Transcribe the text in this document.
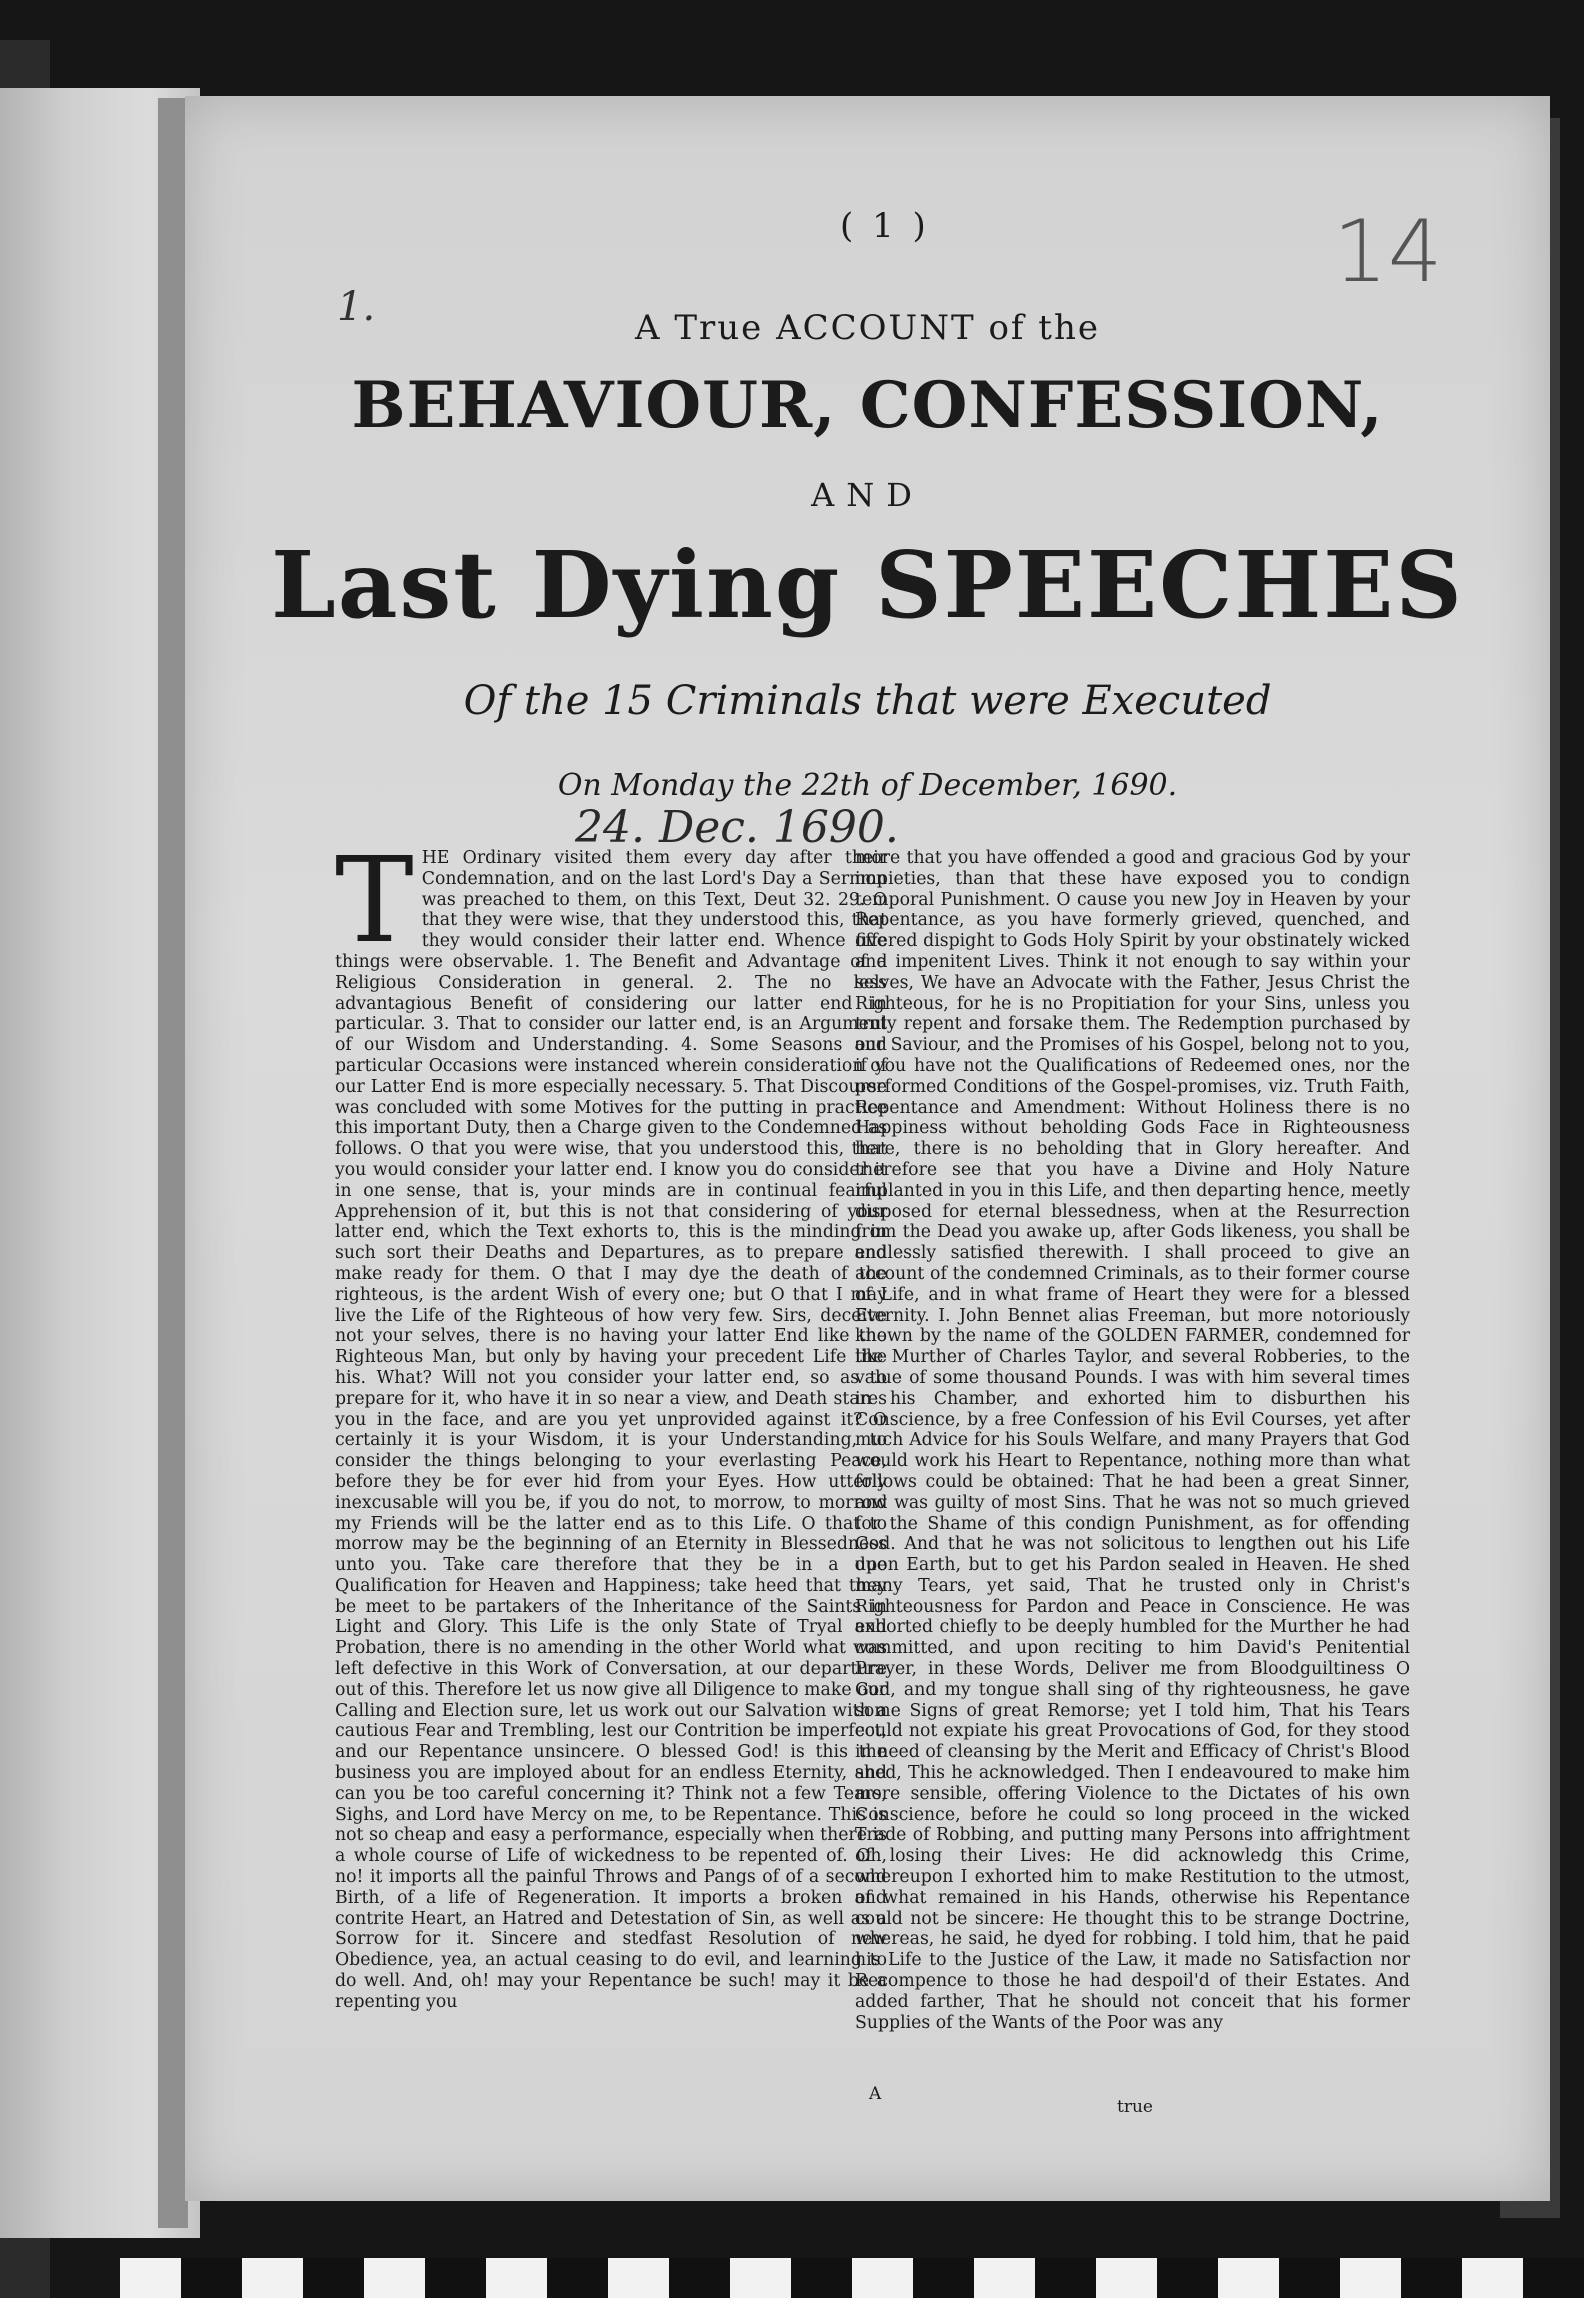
( 1 )
1.
14
A True ACCOUNT of the
BEHAVIOUR, CONFESSION,
AND
Last Dying SPEECHES
Of the 15 Criminals that were Executed
On Monday the 22th of December, 1690.
24. Dec. 1690.
T HE Ordinary visited them every day after their Condemnation, and on the last Lord's Day a Sermon was preached to them, on this Text, Deut 32. 29. O that they were wise, that they understood this, that they would consider their latter end. Whence five things were observable. 1. The Benefit and Advantage of a Religious Consideration in general. 2. The no less advantagious Benefit of considering our latter end in particular. 3. That to consider our latter end, is an Argument of our Wisdom and Understanding. 4. Some Seasons and particular Occasions were instanced wherein consideration of our Latter End is more especially necessary. 5. That Discourse was concluded with some Motives for the putting in practice this important Duty, then a Charge given to the Condemned as follows. O that you were wise, that you understood this, that you would consider your latter end. I know you do consider it in one sense, that is, your minds are in continual fearful Apprehension of it, but this is not that considering of your latter end, which the Text exhorts to, this is the minding in such sort their Deaths and Departures, as to prepare and make ready for them. O that I may dye the death of the righteous, is the ardent Wish of every one; but O that I may live the Life of the Righteous of how very few. Sirs, deceive not your selves, there is no having your latter End like the Righteous Man, but only by having your precedent Life like his. What? Will not you consider your latter end, so as to prepare for it, who have it in so near a view, and Death stares you in the face, and are you yet unprovided against it? O certainly it is your Wisdom, it is your Understanding, to consider the things belonging to your everlasting Peace, before they be for ever hid from your Eyes. How utterly inexcusable will you be, if you do not, to morrow, to morrow my Friends will be the latter end as to this Life. O that to morrow may be the beginning of an Eternity in Blessedness unto you. Take care therefore that they be in a due Qualification for Heaven and Happiness; take heed that they be meet to be partakers of the Inheritance of the Saints in Light and Glory. This Life is the only State of Tryal and Probation, there is no amending in the other World what was left defective in this Work of Conversation, at our departure out of this. Therefore let us now give all Diligence to make our Calling and Election sure, let us work out our Salvation with a cautious Fear and Trembling, lest our Contrition be imperfect, and our Repentance unsincere. O blessed God! is this the business you are imployed about for an endless Eternity, and can you be too careful concerning it? Think not a few Tears, Sighs, and Lord have Mercy on me, to be Repentance. This is not so cheap and easy a performance, especially when there is a whole course of Life of wickedness to be repented of. Oh, no! it imports all the painful Throws and Pangs of of a second Birth, of a life of Regeneration. It imports a broken and contrite Heart, an Hatred and Detestation of Sin, as well as a Sorrow for it. Sincere and stedfast Resolution of new Obedience, yea, an actual ceasing to do evil, and learning to do well. And, oh! may your Repentance be such! may it be a repenting you
more that you have offended a good and gracious God by your impieties, than that these have exposed you to condign temporal Punishment. O cause you new Joy in Heaven by your Repentance, as you have formerly grieved, quenched, and offered dispight to Gods Holy Spirit by your obstinately wicked and impenitent Lives. Think it not enough to say within your selves, We have an Advocate with the Father, Jesus Christ the Righteous, for he is no Propitiation for your Sins, unless you truly repent and forsake them. The Redemption purchased by our Saviour, and the Promises of his Gospel, belong not to you, if you have not the Qualifications of Redeemed ones, nor the performed Conditions of the Gospel-promises, viz. Truth Faith, Repentance and Amendment: Without Holiness there is no Happiness without beholding Gods Face in Righteousness here, there is no beholding that in Glory hereafter. And therefore see that you have a Divine and Holy Nature implanted in you in this Life, and then departing hence, meetly disposed for eternal blessedness, when at the Resurrection from the Dead you awake up, after Gods likeness, you shall be endlessly satisfied therewith. I shall proceed to give an account of the condemned Criminals, as to their former course of Life, and in what frame of Heart they were for a blessed Eternity. I. John Bennet alias Freeman, but more notoriously known by the name of the GOLDEN FARMER, condemned for the Murther of Charles Taylor, and several Robberies, to the value of some thousand Pounds. I was with him several times in his Chamber, and exhorted him to disburthen his Conscience, by a free Confession of his Evil Courses, yet after much Advice for his Souls Welfare, and many Prayers that God would work his Heart to Repentance, nothing more than what follows could be obtained: That he had been a great Sinner, and was guilty of most Sins. That he was not so much grieved for the Shame of this condign Punishment, as for offending God. And that he was not solicitous to lengthen out his Life upon Earth, but to get his Pardon sealed in Heaven. He shed many Tears, yet said, That he trusted only in Christ's Righteousness for Pardon and Peace in Conscience. He was exhorted chiefly to be deeply humbled for the Murther he had committed, and upon reciting to him David's Penitential Prayer, in these Words, Deliver me from Bloodguiltiness O God, and my tongue shall sing of thy righteousness, he gave some Signs of great Remorse; yet I told him, That his Tears could not expiate his great Provocations of God, for they stood in need of cleansing by the Merit and Efficacy of Christ's Blood shed, This he acknowledged. Then I endeavoured to make him more sensible, offering Violence to the Dictates of his own Conscience, before he could so long proceed in the wicked Trade of Robbing, and putting many Persons into affrightment of losing their Lives: He did acknowledg this Crime, whereupon I exhorted him to make Restitution to the utmost, of what remained in his Hands, otherwise his Repentance could not be sincere: He thought this to be strange Doctrine, whereas, he said, he dyed for robbing. I told him, that he paid his Life to the Justice of the Law, it made no Satisfaction nor Recompence to those he had despoil'd of their Estates. And added farther, That he should not conceit that his former Supplies of the Wants of the Poor was any
A
true
